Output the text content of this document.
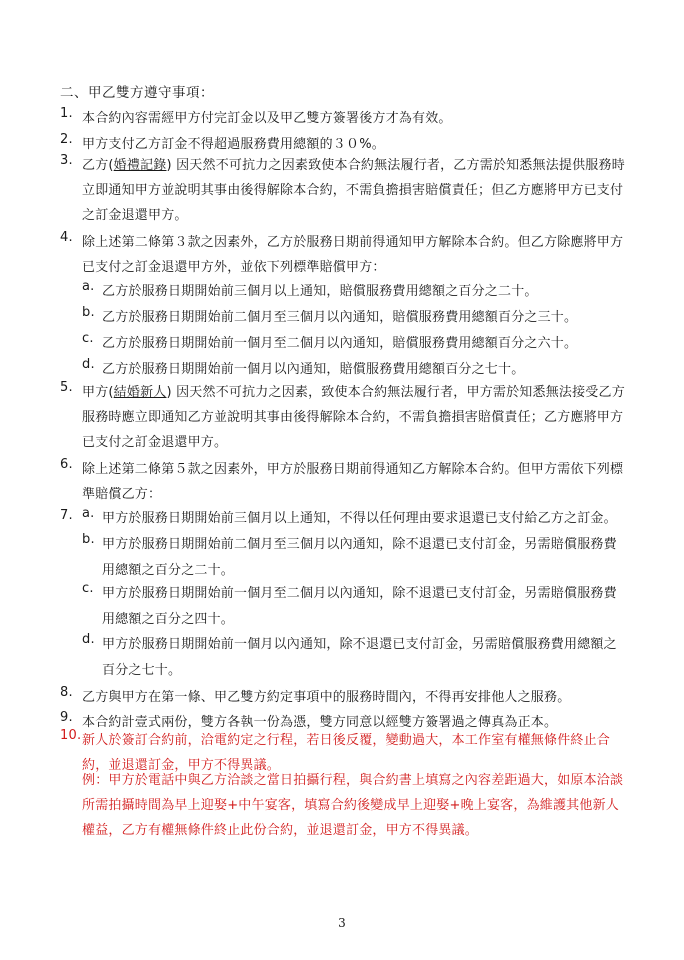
二、甲乙雙方遵守事項：
1. 本合約內容需經甲方付完訂金以及甲乙雙方簽署後方才為有效。
2. 甲方支付乙方訂金不得超過服務費用總額的３０%。
3. 乙方(婚禮記錄) 因天然不可抗力之因素致使本合約無法履行者，乙方需於知悉無法提供服務時立即通知甲方並說明其事由後得解除本合約，不需負擔損害賠償責任；但乙方應將甲方已支付之訂金退還甲方。
4. 除上述第二條第３款之因素外，乙方於服務日期前得通知甲方解除本合約。但乙方除應將甲方已支付之訂金退還甲方外，並依下列標準賠償甲方：
a. 乙方於服務日期開始前三個月以上通知，賠償服務費用總額之百分之二十。
b. 乙方於服務日期開始前二個月至三個月以內通知，賠償服務費用總額百分之三十。
c. 乙方於服務日期開始前一個月至二個月以內通知，賠償服務費用總額百分之六十。
d. 乙方於服務日期開始前一個月以內通知，賠償服務費用總額百分之七十。
5. 甲方(結婚新人) 因天然不可抗力之因素，致使本合約無法履行者，甲方需於知悉無法接受乙方服務時應立即通知乙方並說明其事由後得解除本合約，不需負擔損害賠償責任；乙方應將甲方已支付之訂金退還甲方。
6. 除上述第二條第５款之因素外，甲方於服務日期前得通知乙方解除本合約。但甲方需依下列標準賠償乙方：
7. a. 甲方於服務日期開始前三個月以上通知，不得以任何理由要求退還已支付給乙方之訂金。
b. 甲方於服務日期開始前二個月至三個月以內通知，除不退還已支付訂金，另需賠償服務費用總額之百分之二十。
c. 甲方於服務日期開始前一個月至二個月以內通知，除不退還已支付訂金，另需賠償服務費用總額之百分之四十。
d. 甲方於服務日期開始前一個月以內通知，除不退還已支付訂金，另需賠償服務費用總額之百分之七十。
8. 乙方與甲方在第一條、甲乙雙方約定事項中的服務時間內，不得再安排他人之服務。
9. 本合約計壹式兩份，雙方各執一份為憑，雙方同意以經雙方簽署過之傳真為正本。
10. 新人於簽訂合約前，洽電約定之行程，若日後反覆，變動過大，本工作室有權無條件終止合約，並退還訂金，甲方不得異議。
例：甲方於電話中與乙方洽談之當日拍攝行程，與合約書上填寫之內容差距過大，如原本洽談所需拍攝時間為早上迎娶+中午宴客，填寫合約後變成早上迎娶+晚上宴客，為維護其他新人權益，乙方有權無條件終止此份合約，並退還訂金，甲方不得異議。
3
